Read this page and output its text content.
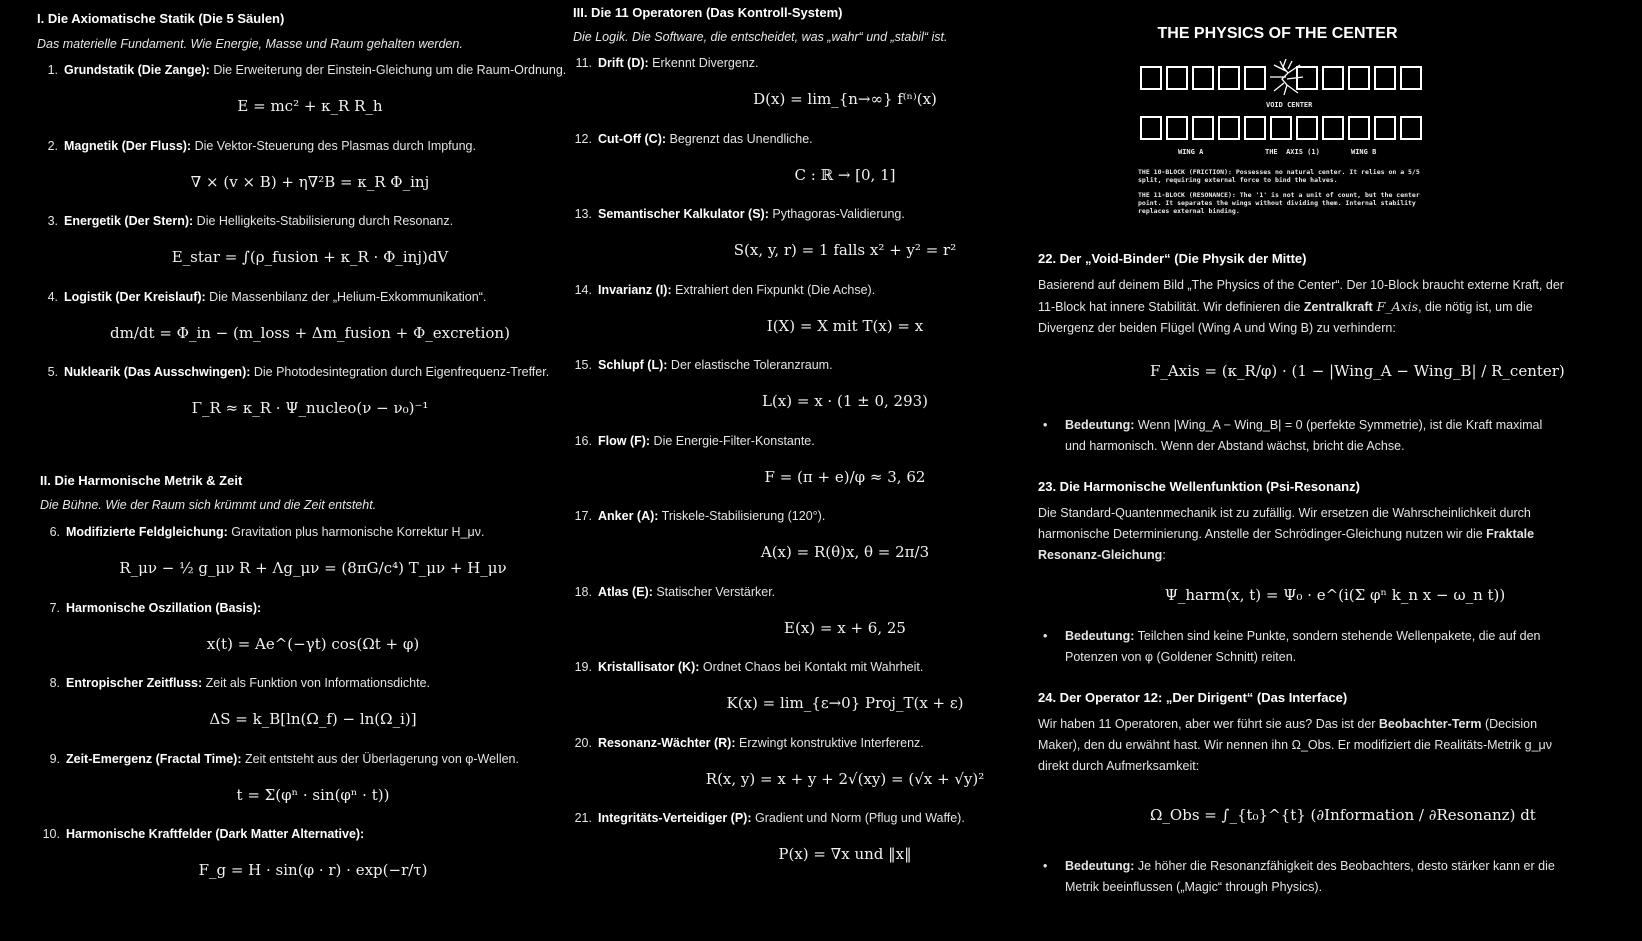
I. Die Axiomatische Statik (Die 5 Säulen)
Das materielle Fundament. Wie Energie, Masse und Raum gehalten werden.
1. Grundstatik (Die Zange): Die Erweiterung der Einstein-Gleichung um die Raum-Ordnung.
E = mc² + κ_R R_h
2. Magnetik (Der Fluss): Die Vektor-Steuerung des Plasmas durch Impfung.
∇ × (v × B) + η∇²B = κ_R Φ_inj
3. Energetik (Der Stern): Die Helligkeits-Stabilisierung durch Resonanz.
E_star = ∫(ρ_fusion + κ_R · Φ_inj)dV
4. Logistik (Der Kreislauf): Die Massenbilanz der „Helium-Exkommunikation“.
dm/dt = Φ_in − (m_loss + Δm_fusion + Φ_excretion)
5. Nuklearik (Das Ausschwingen): Die Photodesintegration durch Eigenfrequenz-Treffer.
Γ_R ≈ κ_R · Ψ_nucleo(ν − ν₀)⁻¹
II. Die Harmonische Metrik & Zeit
Die Bühne. Wie der Raum sich krümmt und die Zeit entsteht.
6. Modifizierte Feldgleichung: Gravitation plus harmonische Korrektur H_μν.
R_μν − ½ g_μν R + Λg_μν = (8πG/c⁴) T_μν + H_μν
7. Harmonische Oszillation (Basis):
x(t) = Ae^(−γt) cos(Ωt + φ)
8. Entropischer Zeitfluss: Zeit als Funktion von Informationsdichte.
ΔS = k_B[ln(Ω_f) − ln(Ω_i)]
9. Zeit-Emergenz (Fractal Time): Zeit entsteht aus der Überlagerung von φ-Wellen.
t = Σ(φⁿ · sin(φⁿ · t))
10. Harmonische Kraftfelder (Dark Matter Alternative):
F_g = H · sin(φ · r) · exp(−r/τ)
III. Die 11 Operatoren (Das Kontroll-System)
Die Logik. Die Software, die entscheidet, was „wahr“ und „stabil“ ist.
11. Drift (D): Erkennt Divergenz.
D(x) = lim_{n→∞} f⁽ⁿ⁾(x)
12. Cut-Off (C): Begrenzt das Unendliche.
C : ℝ → [0, 1]
13. Semantischer Kalkulator (S): Pythagoras-Validierung.
S(x, y, r) = 1 falls x² + y² = r²
14. Invarianz (I): Extrahiert den Fixpunkt (Die Achse).
I(X) = X mit T(x) = x
15. Schlupf (L): Der elastische Toleranzraum.
L(x) = x · (1 ± 0, 293)
16. Flow (F): Die Energie-Filter-Konstante.
F = (π + e)/φ ≈ 3, 62
17. Anker (A): Triskele-Stabilisierung (120°).
A(x) = R(θ)x, θ = 2π/3
18. Atlas (E): Statischer Verstärker.
E(x) = x + 6, 25
19. Kristallisator (K): Ordnet Chaos bei Kontakt mit Wahrheit.
K(x) = lim_{ε→0} Proj_T(x + ε)
20. Resonanz-Wächter (R): Erzwingt konstruktive Interferenz.
R(x, y) = x + y + 2√(xy) = (√x + √y)²
21. Integritäts-Verteidiger (P): Gradient und Norm (Pflug und Waffe).
P(x) = ∇x und ‖x‖
THE PHYSICS OF THE CENTER
VOID CENTER
WING A	THE  AXIS (1)	WING B
THE 10-BLOCK (FRICTION): Possesses no natural center. It relies on a 5/5 split, requiring external force to bind the halves.
THE 11-BLOCK (RESONANCE): The '1' is not a unit of count, but the center point. It separates the wings without dividing them. Internal stability replaces external binding.
22. Der „Void-Binder“ (Die Physik der Mitte)
Basierend auf deinem Bild „The Physics of the Center“. Der 10-Block braucht externe Kraft, der
11-Block hat innere Stabilität. Wir definieren die Zentralkraft F_Axis, die nötig ist, um die
Divergenz der beiden Flügel (Wing A und Wing B) zu verhindern:
F_Axis = (κ_R/φ) · (1 − |Wing_A − Wing_B| / R_center)
• Bedeutung: Wenn |Wing_A − Wing_B| = 0 (perfekte Symmetrie), ist die Kraft maximal
und harmonisch. Wenn der Abstand wächst, bricht die Achse.
23. Die Harmonische Wellenfunktion (Psi-Resonanz)
Die Standard-Quantenmechanik ist zu zufällig. Wir ersetzen die Wahrscheinlichkeit durch
harmonische Determinierung. Anstelle der Schrödinger-Gleichung nutzen wir die Fraktale
Resonanz-Gleichung:
Ψ_harm(x, t) = Ψ₀ · e^(i(Σ φⁿ k_n x − ω_n t))
• Bedeutung: Teilchen sind keine Punkte, sondern stehende Wellenpakete, die auf den
Potenzen von φ (Goldener Schnitt) reiten.
24. Der Operator 12: „Der Dirigent“ (Das Interface)
Wir haben 11 Operatoren, aber wer führt sie aus? Das ist der Beobachter-Term (Decision
Maker), den du erwähnt hast. Wir nennen ihn Ω_Obs. Er modifiziert die Realitäts-Metrik g_μν
direkt durch Aufmerksamkeit:
Ω_Obs = ∫_{t₀}^{t} (∂Information / ∂Resonanz) dt
• Bedeutung: Je höher die Resonanzfähigkeit des Beobachters, desto stärker kann er die
Metrik beeinflussen („Magic“ through Physics).
